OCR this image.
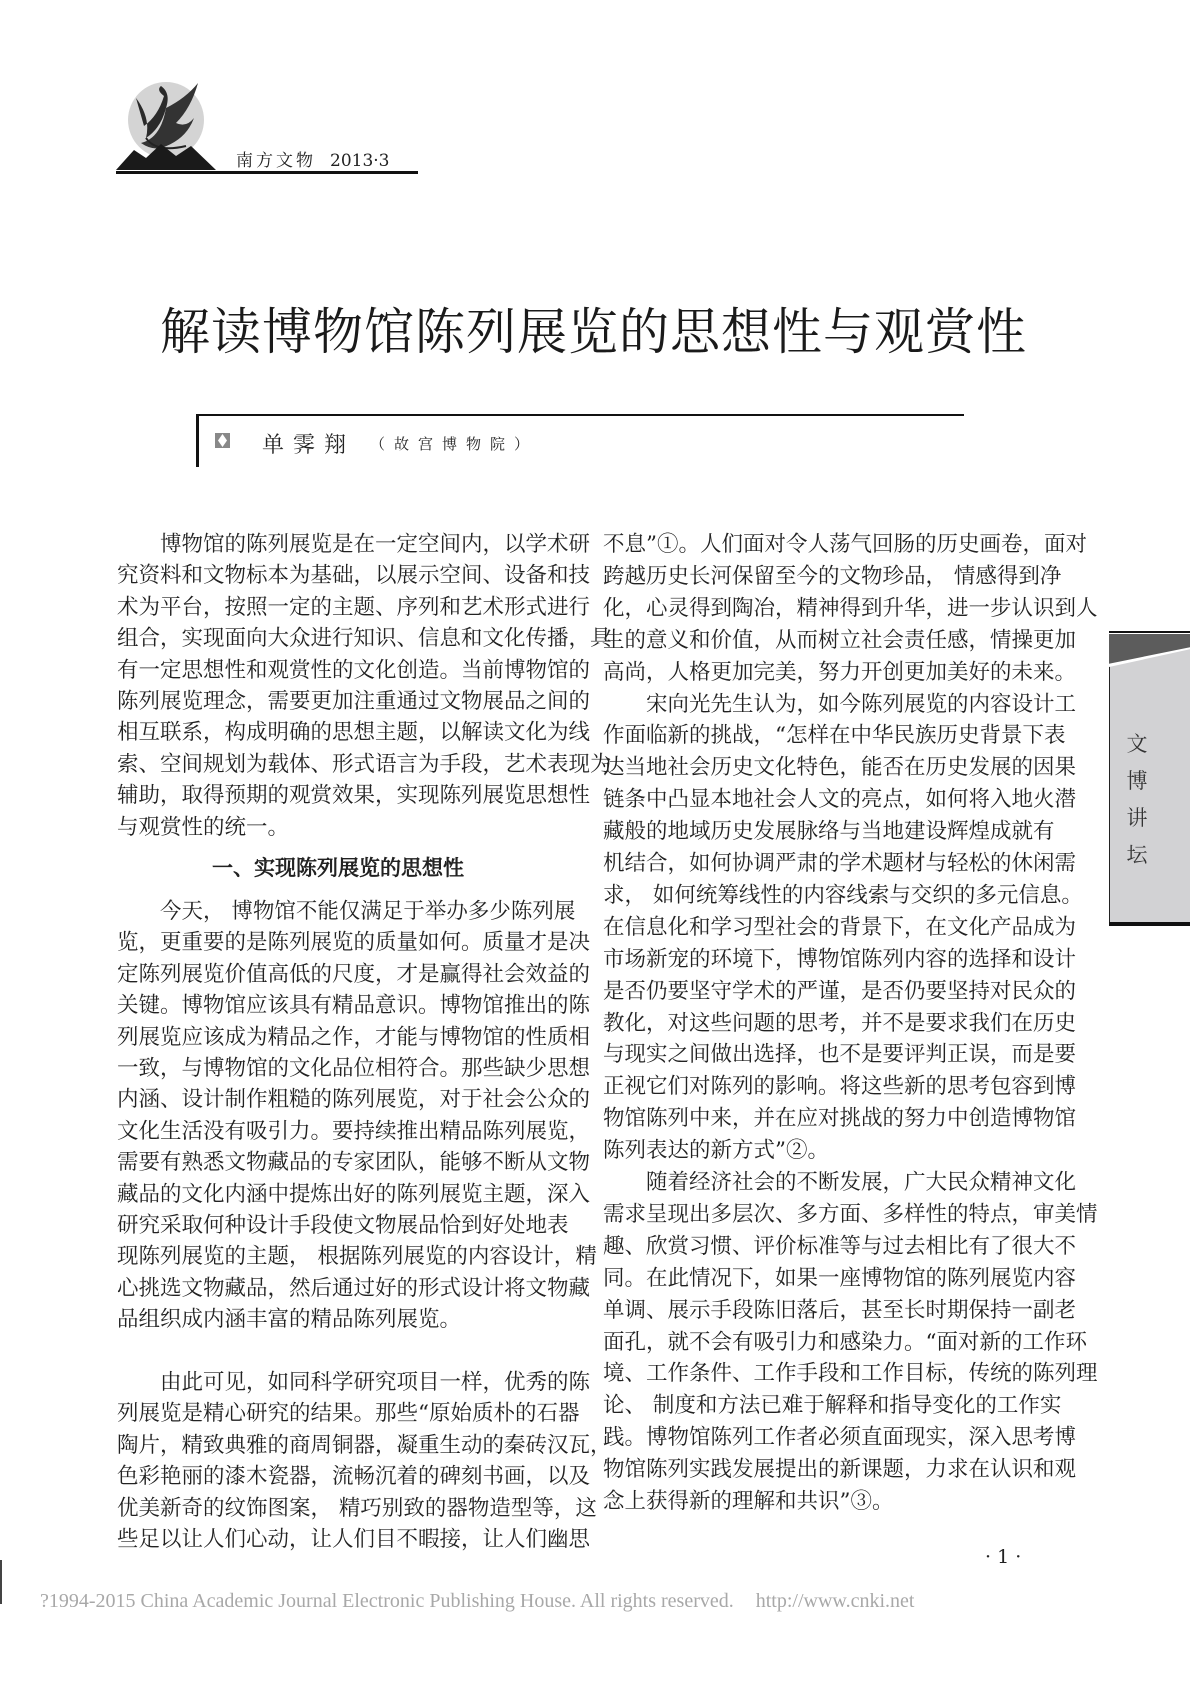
南方文物 2013·3
解读博物馆陈列展览的思想性与观赏性
单霁翔 （故宫博物院）
博物馆的陈列展览是在一定空间内，以学术研
究资料和文物标本为基础，以展示空间、设备和技
术为平台，按照一定的主题、序列和艺术形式进行
组合，实现面向大众进行知识、信息和文化传播，具
有一定思想性和观赏性的文化创造。当前博物馆的
陈列展览理念，需要更加注重通过文物展品之间的
相互联系，构成明确的思想主题，以解读文化为线
索、空间规划为载体、形式语言为手段，艺术表现为
辅助，取得预期的观赏效果，实现陈列展览思想性
与观赏性的统一。
今天， 博物馆不能仅满足于举办多少陈列展
览，更重要的是陈列展览的质量如何。质量才是决
定陈列展览价值高低的尺度，才是赢得社会效益的
关键。博物馆应该具有精品意识。博物馆推出的陈
列展览应该成为精品之作，才能与博物馆的性质相
一致，与博物馆的文化品位相符合。那些缺少思想
内涵、设计制作粗糙的陈列展览，对于社会公众的
文化生活没有吸引力。要持续推出精品陈列展览，
需要有熟悉文物藏品的专家团队，能够不断从文物
藏品的文化内涵中提炼出好的陈列展览主题，深入
研究采取何种设计手段使文物展品恰到好处地表
现陈列展览的主题， 根据陈列展览的内容设计，精
心挑选文物藏品，然后通过好的形式设计将文物藏
品组织成内涵丰富的精品陈列展览。
由此可见，如同科学研究项目一样，优秀的陈
列展览是精心研究的结果。那些“原始质朴的石器
陶片，精致典雅的商周铜器，凝重生动的秦砖汉瓦，
色彩艳丽的漆木瓷器，流畅沉着的碑刻书画，以及
优美新奇的纹饰图案， 精巧别致的器物造型等，这
些足以让人们心动，让人们目不暇接，让人们幽思
一、实现陈列展览的思想性
不息”①。人们面对令人荡气回肠的历史画卷，面对
跨越历史长河保留至今的文物珍品， 情感得到净
化，心灵得到陶冶，精神得到升华，进一步认识到人
生的意义和价值，从而树立社会责任感，情操更加
高尚，人格更加完美，努力开创更加美好的未来。
宋向光先生认为，如今陈列展览的内容设计工
作面临新的挑战，“怎样在中华民族历史背景下表
达当地社会历史文化特色，能否在历史发展的因果
链条中凸显本地社会人文的亮点，如何将入地火潜
藏般的地域历史发展脉络与当地建设辉煌成就有
机结合，如何协调严肃的学术题材与轻松的休闲需
求， 如何统筹线性的内容线索与交织的多元信息。
在信息化和学习型社会的背景下，在文化产品成为
市场新宠的环境下，博物馆陈列内容的选择和设计
是否仍要坚守学术的严谨，是否仍要坚持对民众的
教化，对这些问题的思考，并不是要求我们在历史
与现实之间做出选择，也不是要评判正误，而是要
正视它们对陈列的影响。将这些新的思考包容到博
物馆陈列中来，并在应对挑战的努力中创造博物馆
陈列表达的新方式”②。
随着经济社会的不断发展，广大民众精神文化
需求呈现出多层次、多方面、多样性的特点，审美情
趣、欣赏习惯、评价标准等与过去相比有了很大不
同。在此情况下，如果一座博物馆的陈列展览内容
单调、展示手段陈旧落后，甚至长时期保持一副老
面孔，就不会有吸引力和感染力。“面对新的工作环
境、工作条件、工作手段和工作目标，传统的陈列理
论、 制度和方法已难于解释和指导变化的工作实
践。博物馆陈列工作者必须直面现实，深入思考博
物馆陈列实践发展提出的新课题，力求在认识和观
念上获得新的理解和共识”③。
文
博
讲
坛
· 1 ·
?1994-2015 China Academic Journal Electronic Publishing House. All rights reserved. http://www.cnki.net
